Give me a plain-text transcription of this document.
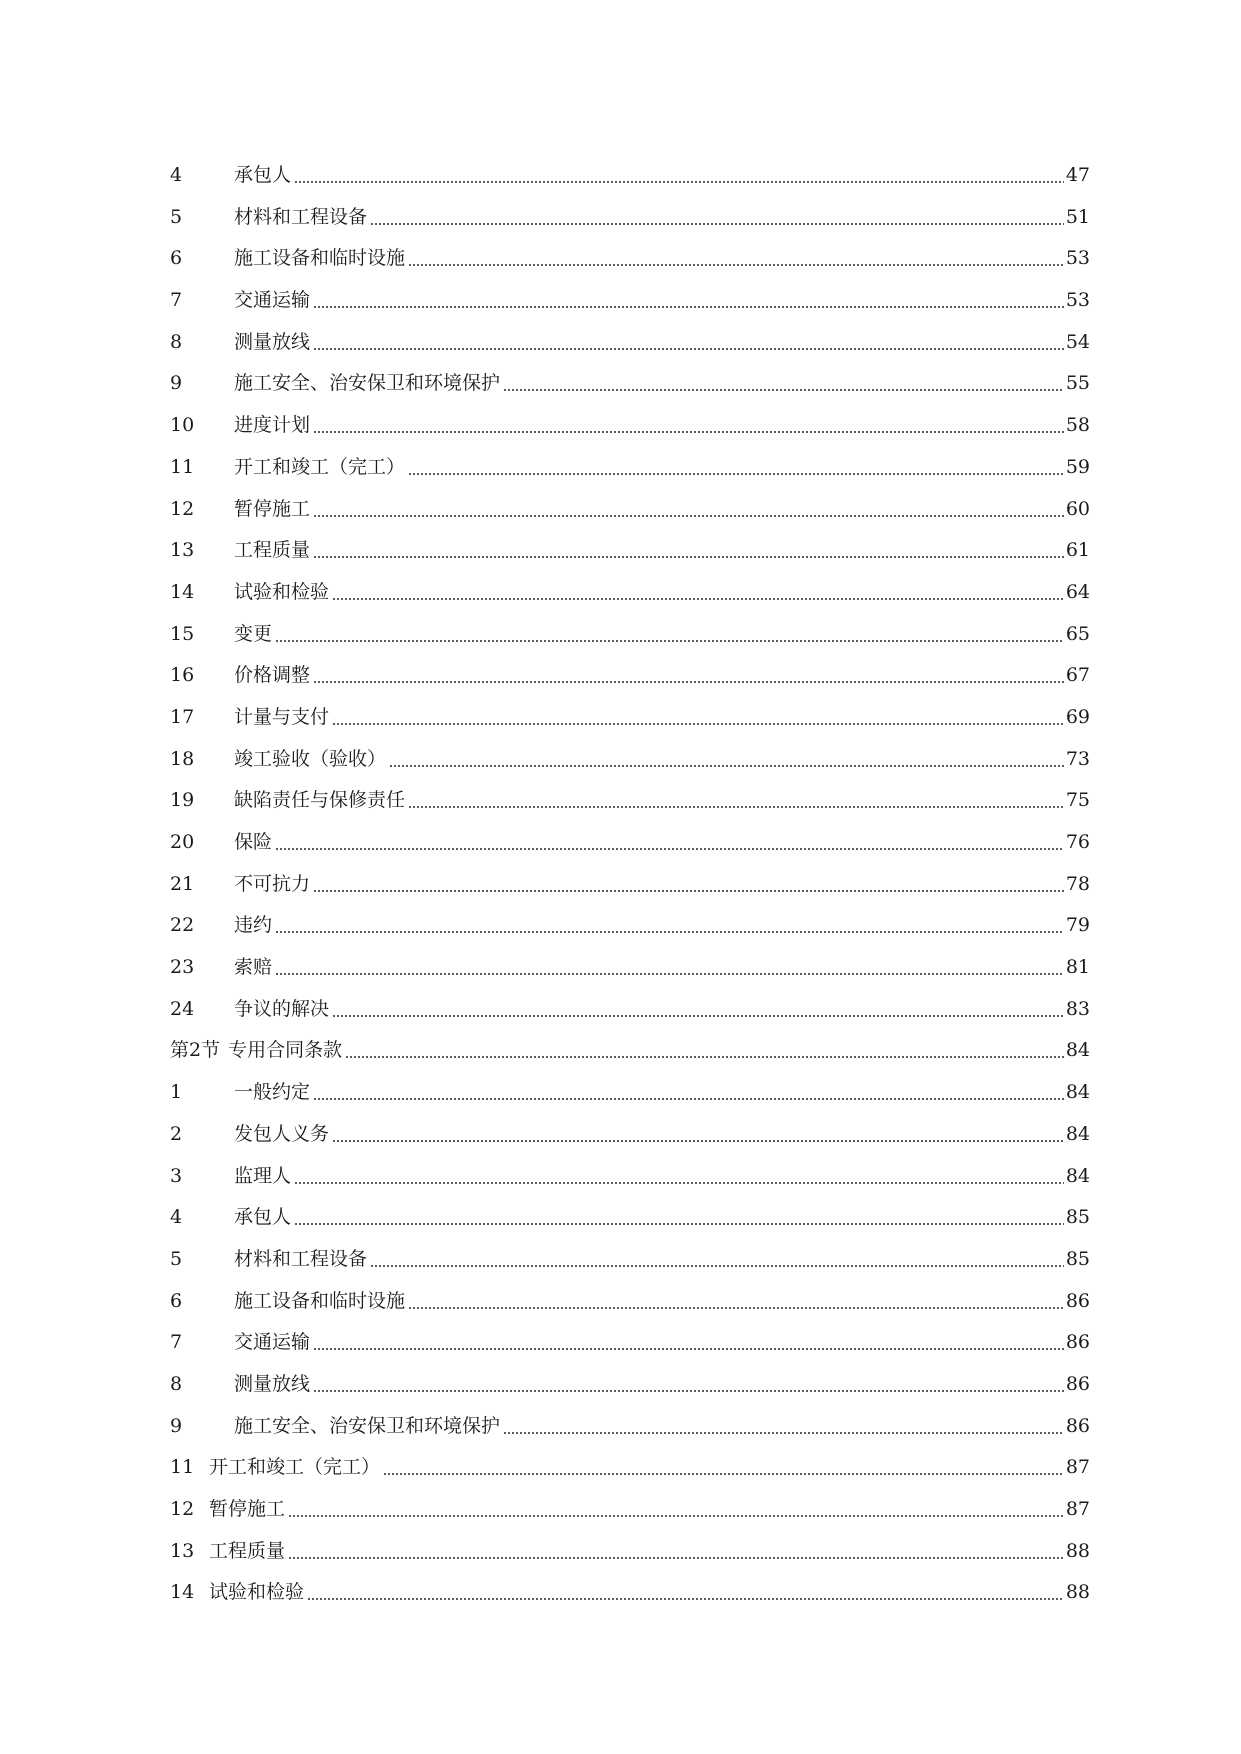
4	承包人	47
5	材料和工程设备	51
6	施工设备和临时设施	53
7	交通运输	53
8	测量放线	54
9	施工安全、治安保卫和环境保护	55
10	进度计划	58
11	开工和竣工（完工）	59
12	暂停施工	60
13	工程质量	61
14	试验和检验	64
15	变更	65
16	价格调整	67
17	计量与支付	69
18	竣工验收（验收）	73
19	缺陷责任与保修责任	75
20	保险	76
21	不可抗力	78
22	违约	79
23	索赔	81
24	争议的解决	83
第2节 专用合同条款	84
1	一般约定	84
2	发包人义务	84
3	监理人	84
4	承包人	85
5	材料和工程设备	85
6	施工设备和临时设施	86
7	交通运输	86
8	测量放线	86
9	施工安全、治安保卫和环境保护	86
11 开工和竣工（完工）	87
12 暂停施工	87
13 工程质量	88
14 试验和检验	88
